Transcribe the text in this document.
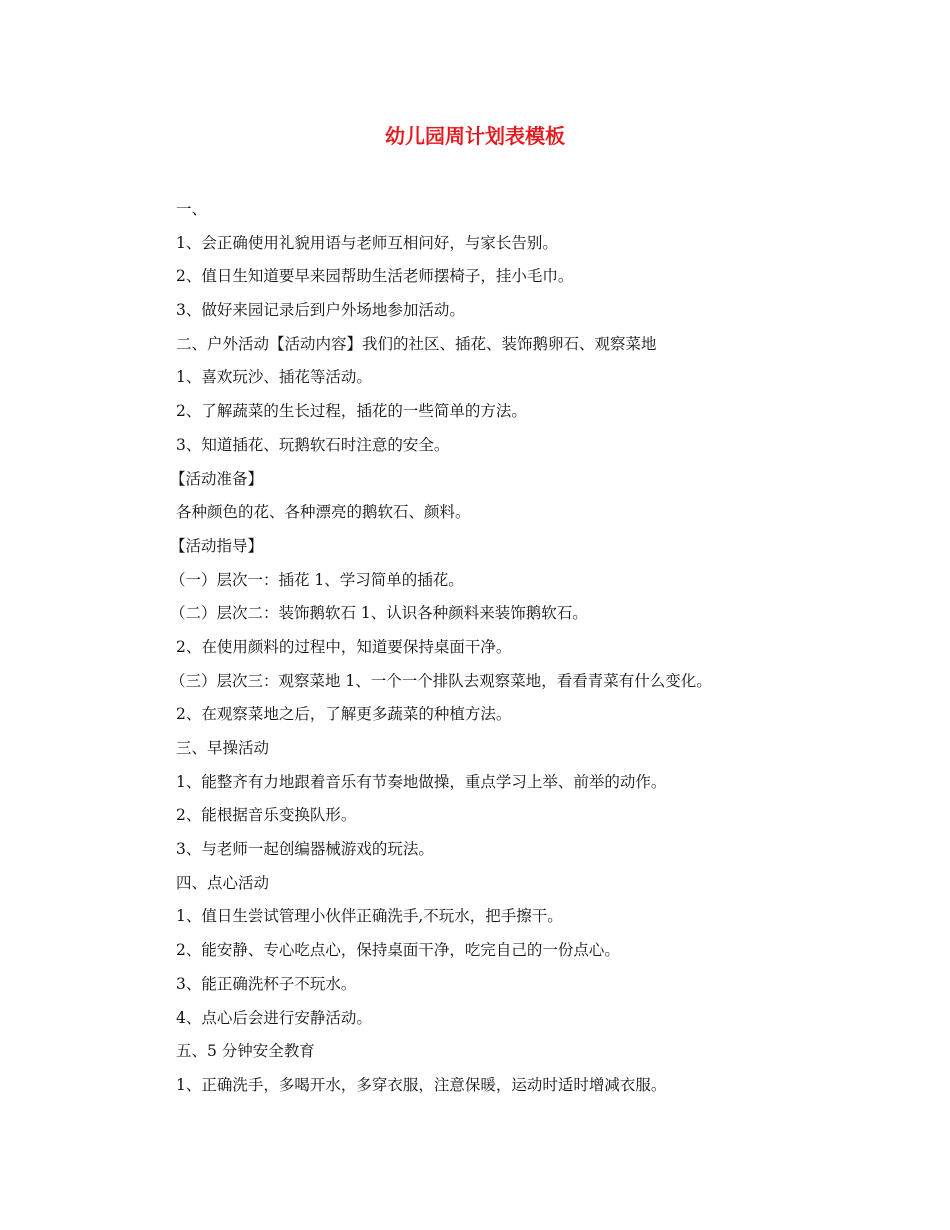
幼儿园周计划表模板
一、
1、会正确使用礼貌用语与老师互相问好，与家长告别。
2、值日生知道要早来园帮助生活老师摆椅子，挂小毛巾。
3、做好来园记录后到户外场地参加活动。
二、户外活动【活动内容】我们的社区、插花、装饰鹅卵石、观察菜地
1、喜欢玩沙、插花等活动。
2、了解蔬菜的生长过程，插花的一些简单的方法。
3、知道插花、玩鹅软石时注意的安全。
【活动准备】
各种颜色的花、各种漂亮的鹅软石、颜料。
【活动指导】
（一）层次一：插花 1、学习简单的插花。
（二）层次二：装饰鹅软石 1、认识各种颜料来装饰鹅软石。
2、在使用颜料的过程中，知道要保持桌面干净。
（三）层次三：观察菜地 1、一个一个排队去观察菜地，看看青菜有什么变化。
2、在观察菜地之后，了解更多蔬菜的种植方法。
三、早操活动
1、能整齐有力地跟着音乐有节奏地做操，重点学习上举、前举的动作。
2、能根据音乐变换队形。
3、与老师一起创编器械游戏的玩法。
四、点心活动
1、值日生尝试管理小伙伴正确洗手,不玩水，把手擦干。
2、能安静、专心吃点心，保持桌面干净，吃完自己的一份点心。
3、能正确洗杯子不玩水。
4、点心后会进行安静活动。
五、5 分钟安全教育
1、正确洗手，多喝开水，多穿衣服，注意保暖，运动时适时增减衣服。
